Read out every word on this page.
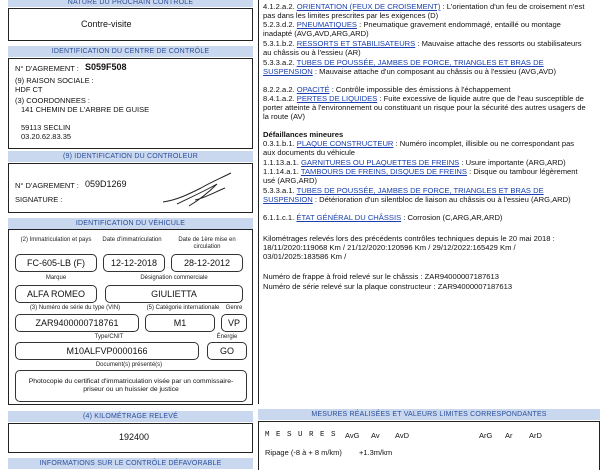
NATURE DU PROCHAIN CONTROLE
Contre-visite
IDENTIFICATION DU CENTRE DE CONTRÔLE
N° D'AGREMENT : S059F508
(9) RAISON SOCIALE :
HDF CT
(3) COORDONNEES :
141 CHEMIN DE L'ARBRE DE GUISE
59113 SECLIN
03.20.62.83.35
(9) IDENTIFICATION DU CONTROLEUR
N° D'AGREMENT : 059D1269
SIGNATURE :
IDENTIFICATION DU VÉHICULE
(2) Immatriculation et pays	Date d'immatriculation	Date de 1ère mise en circulation
FC-605-LB (F)	12-12-2018	28-12-2012
Marque	Désignation commerciale
ALFA ROMEO	GIULIETTA
(3) Numéro de série du type (VIN)	(5) Catégorie internationale	Genre
ZAR9400000718761	M1	VP
Type/CNIT	Énergie
M10ALFVP0000166	GO
Document(s) présenté(s)
Photocopie du certificat d'immatriculation visée par un commissaire-priseur ou un huissier de justice
(4) KILOMÉTRAGE RELEVÉ
192400
INFORMATIONS SUR LE CONTRÔLE DÉFAVORABLE
4.1.2.a.2. ORIENTATION (FEUX DE CROISEMENT) : L'orientation d'un feu de croisement n'est pas dans les limites prescrites par les exigences (D)
5.2.3.d.2. PNEUMATIQUES : Pneumatique gravement endommagé, entaillé ou montage inadapté (AVG,AVD,ARG,ARD)
5.3.1.b.2. RESSORTS ET STABILISATEURS : Mauvaise attache des ressorts ou stabilisateurs au châssis ou à l'essieu (AR)
5.3.3.a.2. TUBES DE POUSSÉE, JAMBES DE FORCE, TRIANGLES ET BRAS DE SUSPENSION : Mauvaise attache d'un composant au châssis ou à l'essieu (AVG,AVD)
8.2.2.a.2. OPACITÉ : Contrôle impossible des émissions à l'échappement
8.4.1.a.2. PERTES DE LIQUIDES : Fuite excessive de liquide autre que de l'eau susceptible de porter atteinte à l'environnement ou constituant un risque pour la sécurité des autres usagers de la route (AV)
Défaillances mineures
0.3.1.b.1. PLAQUE CONSTRUCTEUR : Numéro incomplet, illisible ou ne correspondant pas aux documents du véhicule
1.1.13.a.1. GARNITURES OU PLAQUETTES DE FREINS : Usure importante (ARG,ARD)
1.1.14.a.1. TAMBOURS DE FREINS, DISQUES DE FREINS : Disque ou tambour légèrement usé (ARG,ARD)
5.3.3.a.1. TUBES DE POUSSÉE, JAMBES DE FORCE, TRIANGLES ET BRAS DE SUSPENSION : Détérioration d'un silentbloc de liaison au châssis ou à l'essieu (ARG,ARD)
6.1.1.c.1. ÉTAT GÉNÉRAL DU CHÂSSIS : Corrosion (C,ARG,AR,ARD)
Kilométrages relevés lors des précédents contrôles techniques depuis le 20 mai 2018 :
18/11/2020:119068 Km / 21/12/2020:120596 Km / 29/12/2022:165429 Km /
03/01/2025:183586 Km /
Numéro de frappe à froid relevé sur le châssis : ZAR94000007187613
Numéro de série relevé sur la plaque constructeur : ZAR94000007187613
MESURES RÉALISÉES ET VALEURS LIMITES CORRESPONDANTES
M E S U R E S AvG Av AvD	ArG Ar ArD
Ripage (-8 à + 8 m/km) +1.3m/km
